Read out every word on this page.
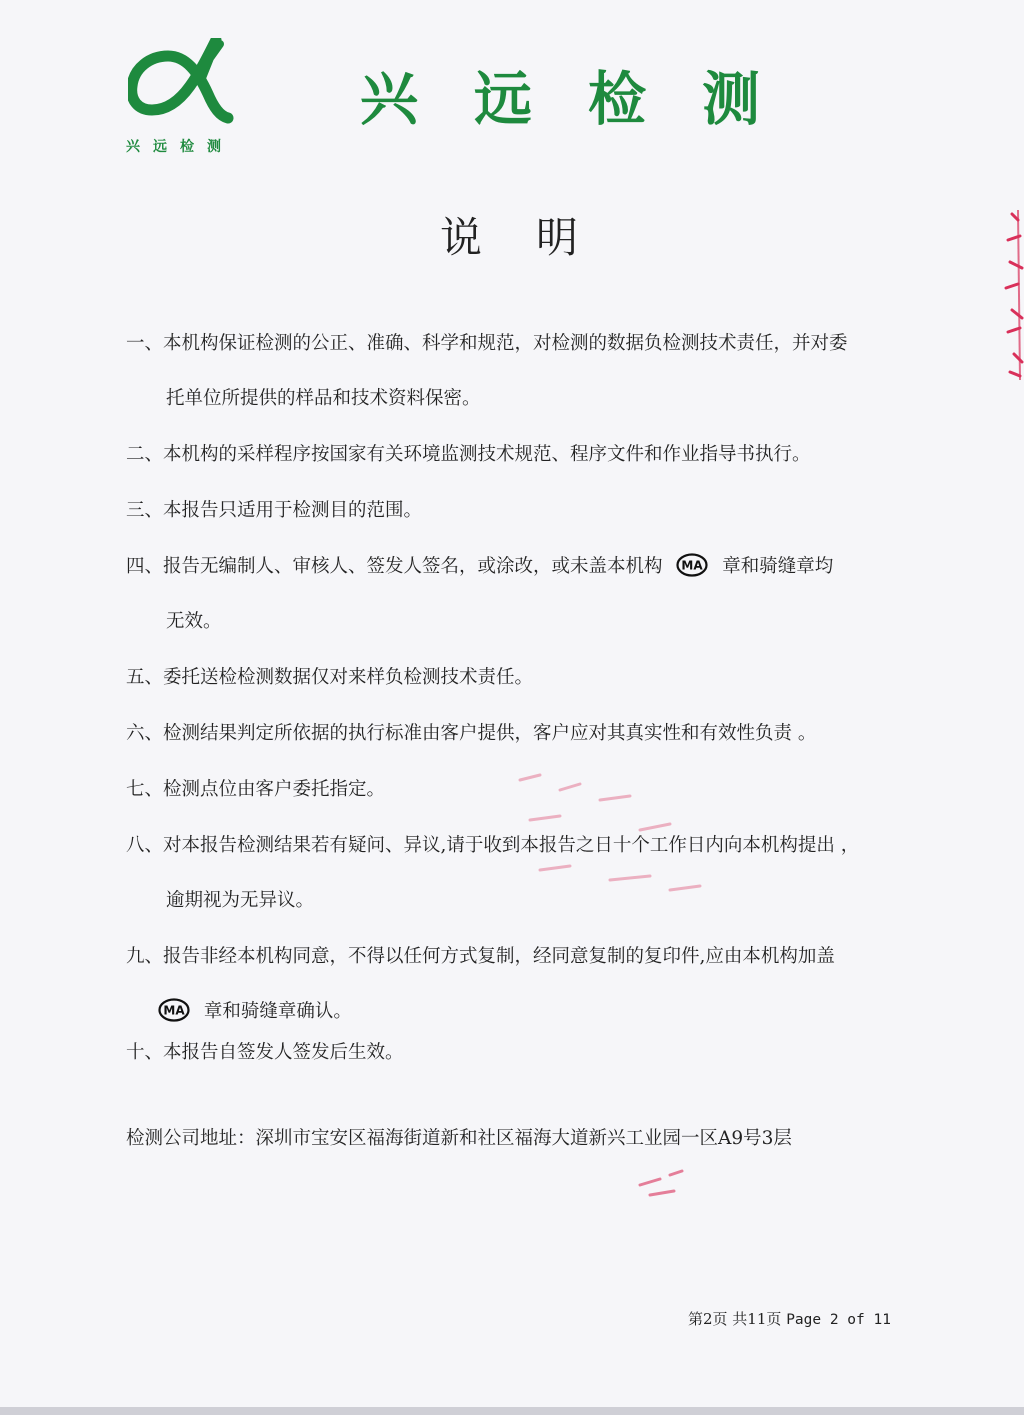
兴远检测
兴远检测
说明
一、本机构保证检测的公正、准确、科学和规范，对检测的数据负检测技术责任，并对委
托单位所提供的样品和技术资料保密。
二、本机构的采样程序按国家有关环境监测技术规范、程序文件和作业指导书执行。
三、本报告只适用于检测目的范围。
四、报告无编制人、审核人、签发人签名，或涂改，或未盖本机构 MA 章和骑缝章均
无效。
五、委托送检检测数据仅对来样负检测技术责任。
六、检测结果判定所依据的执行标准由客户提供，客户应对其真实性和有效性负责 。
七、检测点位由客户委托指定。
八、对本报告检测结果若有疑问、异议,请于收到本报告之日十个工作日内向本机构提出 ，
逾期视为无异议。
九、报告非经本机构同意，不得以任何方式复制，经同意复制的复印件,应由本机构加盖
MA 章和骑缝章确认。
十、本报告自签发人签发后生效。
检测公司地址：深圳市宝安区福海街道新和社区福海大道新兴工业园一区A9号3层
第2页 共11页 Page 2 of 11
